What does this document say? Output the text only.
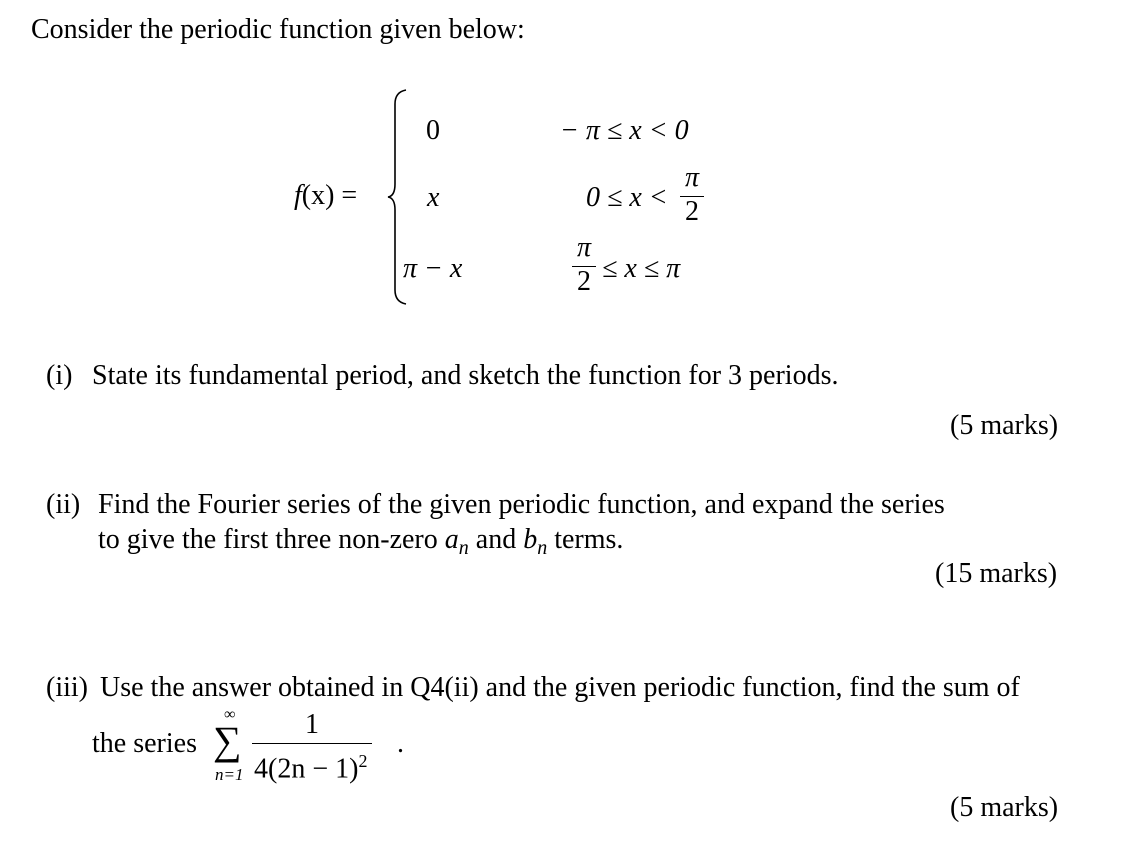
Consider the periodic function given below:
f(x) =
0	− π ≤ x < 0
x	0 ≤ x <
π
2
π − x
π
2 ≤ x ≤ π
(i) State its fundamental period, and sketch the function for 3 periods.
(5 marks)
(ii) Find the Fourier series of the given periodic function, and expand the series
to give the first three non-zero $a_n$ and $b_n$ terms.
(15 marks)
(iii) Use the answer obtained in Q4(ii) and the given periodic function, find the sum of
the series
∞
∑
n=1
1
$4(2n - 1)^2$
.
(5 marks)
